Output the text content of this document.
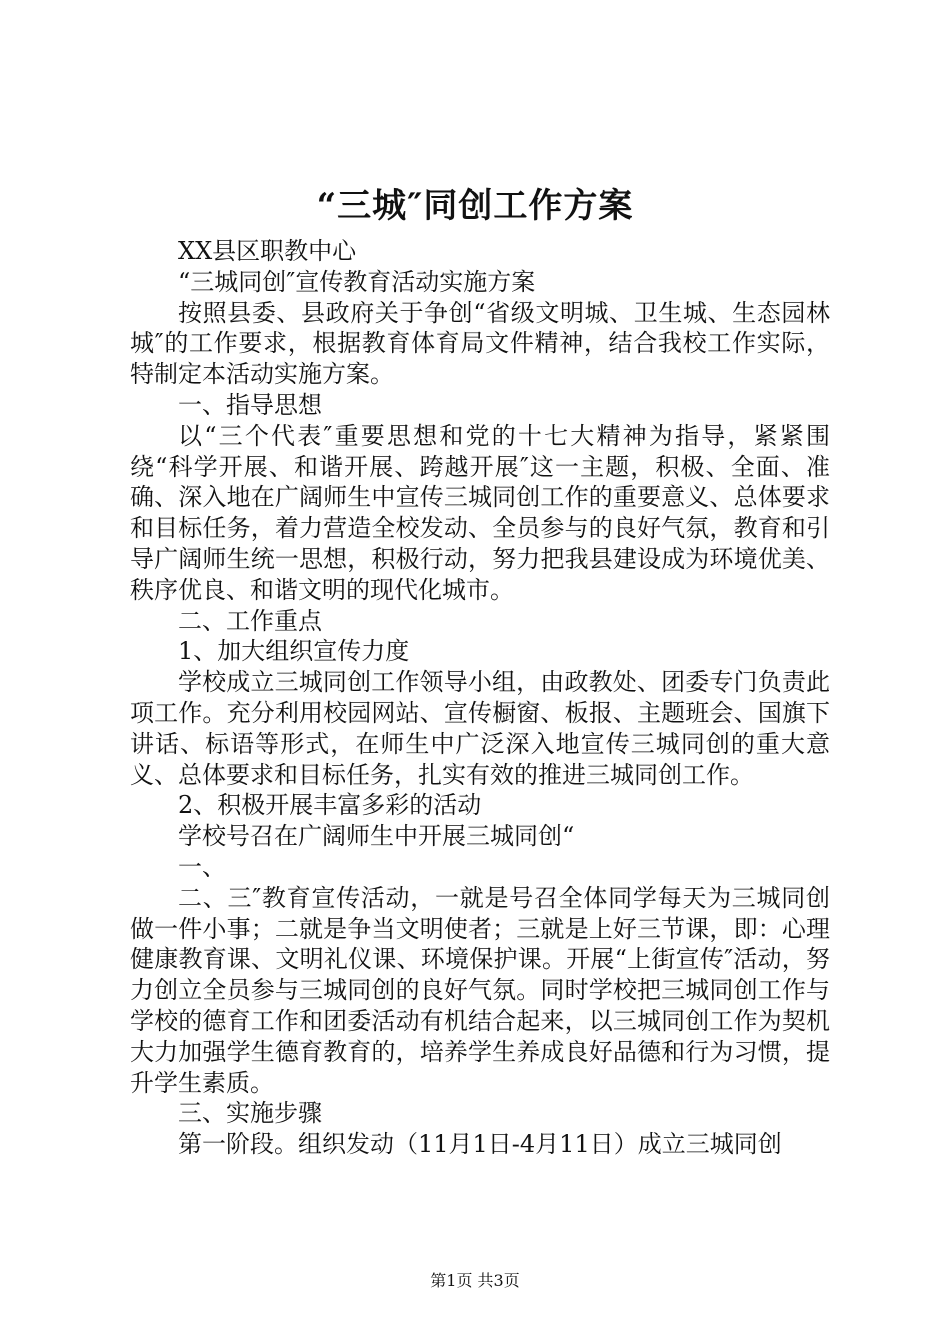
“三城″同创工作方案

XX县区职教中心

“三城同创″宣传教育活动实施方案

按照县委、县政府关于争创“省级文明城、卫生城、生态园林城″的工作要求，根据教育体育局文件精神，结合我校工作实际，特制定本活动实施方案。

一、指导思想

以“三个代表″重要思想和党的十七大精神为指导，紧紧围绕“科学开展、和谐开展、跨越开展″这一主题，积极、全面、准确、深入地在广阔师生中宣传三城同创工作的重要意义、总体要求和目标任务，着力营造全校发动、全员参与的良好气氛，教育和引导广阔师生统一思想，积极行动，努力把我县建设成为环境优美、秩序优良、和谐文明的现代化城市。

二、工作重点

1、加大组织宣传力度

学校成立三城同创工作领导小组，由政教处、团委专门负责此项工作。充分利用校园网站、宣传橱窗、板报、主题班会、国旗下讲话、标语等形式，在师生中广泛深入地宣传三城同创的重大意义、总体要求和目标任务，扎实有效的推进三城同创工作。

2、积极开展丰富多彩的活动

学校号召在广阔师生中开展三城同创“

一、

二、三″教育宣传活动，一就是号召全体同学每天为三城同创做一件小事；二就是争当文明使者；三就是上好三节课，即：心理健康教育课、文明礼仪课、环境保护课。开展“上街宣传″活动，努力创立全员参与三城同创的良好气氛。同时学校把三城同创工作与学校的德育工作和团委活动有机结合起来，以三城同创工作为契机大力加强学生德育教育的，培养学生养成良好品德和行为习惯，提升学生素质。

三、实施步骤

第一阶段。组织发动（11月1日-4月11日）成立三城同创

第1页 共3页
